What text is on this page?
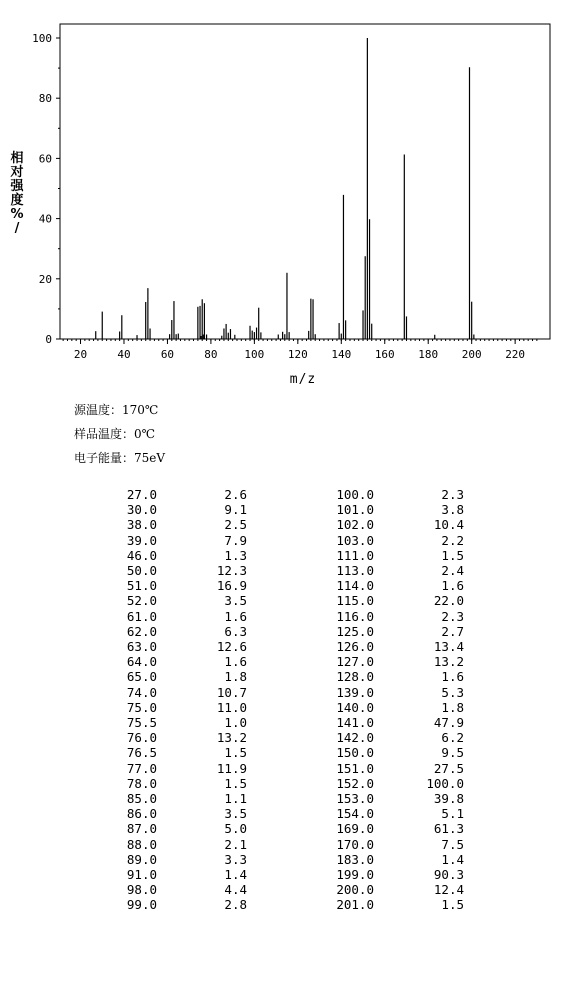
相
对
强
度
%
/
0
20
40
60
80
100
20	40	60	80 100 120 140 160 180 200 220
m/z
源温度：170℃
样品温度：0℃
电子能量：75eV
27.0	2.6	100.0	2.3
30.0	9.1	101.0	3.8
38.0	2.5	102.0	10.4
39.0	7.9	103.0	2.2
46.0	1.3	111.0	1.5
50.0	12.3	113.0	2.4
51.0	16.9	114.0	1.6
52.0	3.5	115.0	22.0
61.0	1.6	116.0	2.3
62.0	6.3	125.0	2.7
63.0	12.6	126.0	13.4
64.0	1.6	127.0	13.2
65.0	1.8	128.0	1.6
74.0	10.7	139.0	5.3
75.0	11.0	140.0	1.8
75.5	1.0	141.0	47.9
76.0	13.2	142.0	6.2
76.5	1.5	150.0	9.5
77.0	11.9	151.0	27.5
78.0	1.5	152.0	100.0
85.0	1.1	153.0	39.8
86.0	3.5	154.0	5.1
87.0	5.0	169.0	61.3
88.0	2.1	170.0	7.5
89.0	3.3	183.0	1.4
91.0	1.4	199.0	90.3
98.0	4.4	200.0	12.4
99.0	2.8	201.0	1.5
